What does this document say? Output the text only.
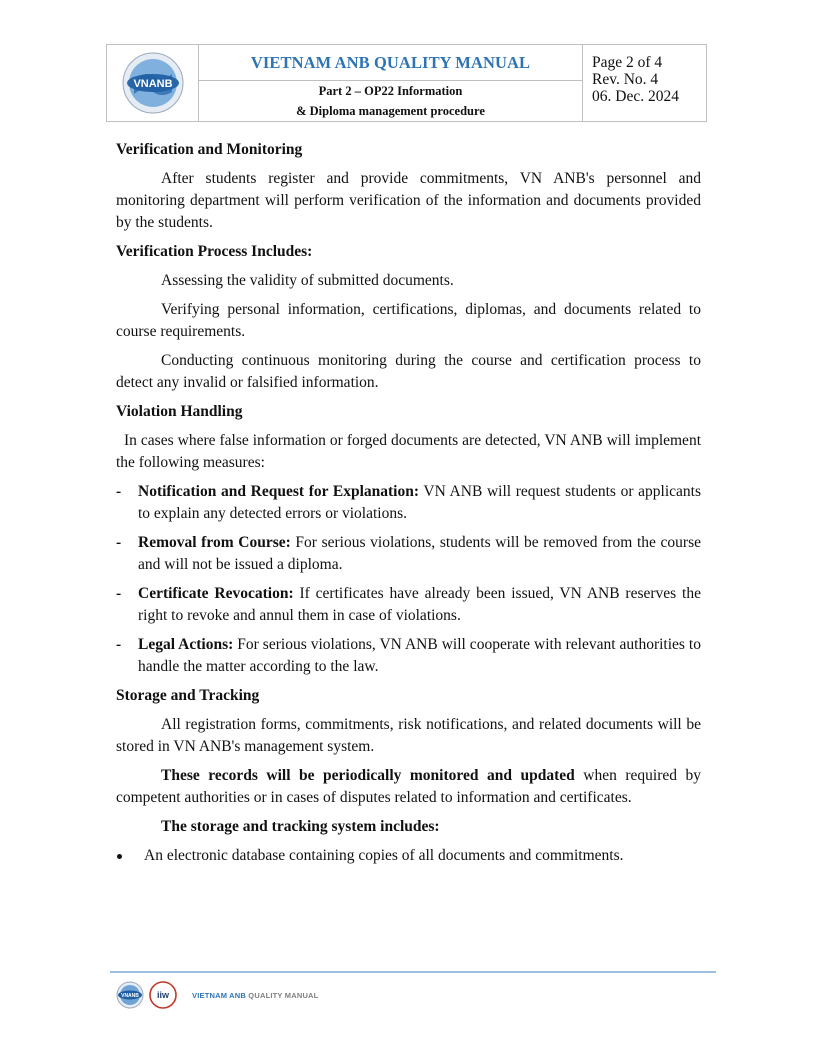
VNANB
VIETNAM ANB QUALITY MANUAL
Part 2 – OP22 Information
& Diploma management procedure
Page 2 of 4
Rev. No. 4
06. Dec. 2024

Verification and Monitoring

After students register and provide commitments, VN ANB's personnel and monitoring department will perform verification of the information and documents provided by the students.

Verification Process Includes:

Assessing the validity of submitted documents.

Verifying personal information, certifications, diplomas, and documents related to course requirements.

Conducting continuous monitoring during the course and certification process to detect any invalid or falsified information.

Violation Handling

In cases where false information or forged documents are detected, VN ANB will implement the following measures:

- Notification and Request for Explanation: VN ANB will request students or applicants to explain any detected errors or violations.
- Removal from Course: For serious violations, students will be removed from the course and will not be issued a diploma.
- Certificate Revocation: If certificates have already been issued, VN ANB reserves the right to revoke and annul them in case of violations.
- Legal Actions: For serious violations, VN ANB will cooperate with relevant authorities to handle the matter according to the law.

Storage and Tracking

All registration forms, commitments, risk notifications, and related documents will be stored in VN ANB's management system.

These records will be periodically monitored and updated when required by competent authorities or in cases of disputes related to information and certificates.

The storage and tracking system includes:

An electronic database containing copies of all documents and commitments.
VNANB iiw	VIETNAM ANB QUALITY MANUAL
